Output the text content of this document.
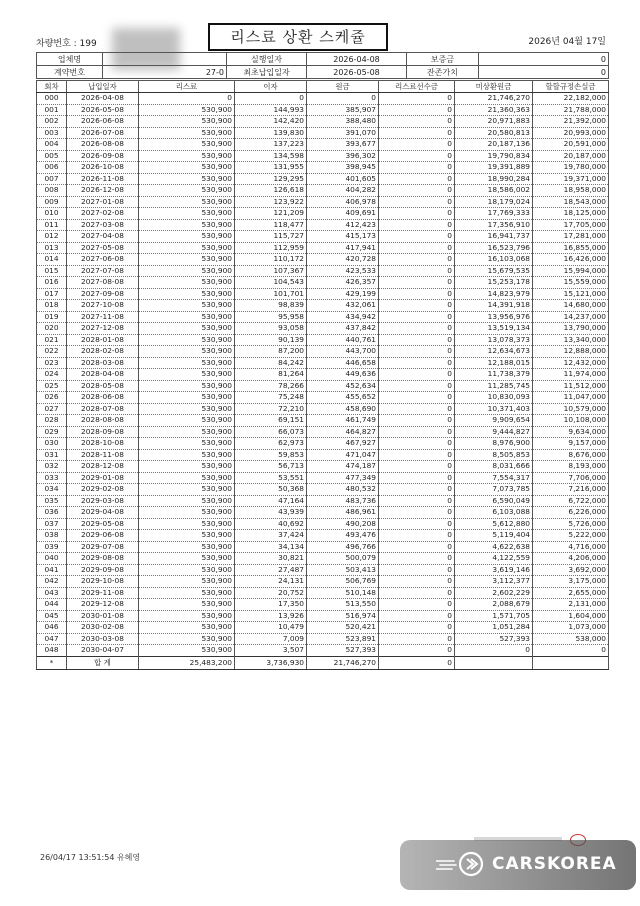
차량번호 : 199	리스료 상환 스케쥴	2026년 04월 17일
업체명		실행일자	2026-04-08	보증금	0
계약번호	27-0	최초납입일자	2026-05-08	잔존가치	0
회차	납입일자	리스료	이자	원금	리스료선수금	미상환원금	할할규정손실금
000	2026-04-08	0	0	0	0	21,746,270	22,182,000
001	2026-05-08	530,900	144,993	385,907	0	21,360,363	21,788,000
002	2026-06-08	530,900	142,420	388,480	0	20,971,883	21,392,000
003	2026-07-08	530,900	139,830	391,070	0	20,580,813	20,993,000
004	2026-08-08	530,900	137,223	393,677	0	20,187,136	20,591,000
005	2026-09-08	530,900	134,598	396,302	0	19,790,834	20,187,000
006	2026-10-08	530,900	131,955	398,945	0	19,391,889	19,780,000
007	2026-11-08	530,900	129,295	401,605	0	18,990,284	19,371,000
008	2026-12-08	530,900	126,618	404,282	0	18,586,002	18,958,000
009	2027-01-08	530,900	123,922	406,978	0	18,179,024	18,543,000
010	2027-02-08	530,900	121,209	409,691	0	17,769,333	18,125,000
011	2027-03-08	530,900	118,477	412,423	0	17,356,910	17,705,000
012	2027-04-08	530,900	115,727	415,173	0	16,941,737	17,281,000
013	2027-05-08	530,900	112,959	417,941	0	16,523,796	16,855,000
014	2027-06-08	530,900	110,172	420,728	0	16,103,068	16,426,000
015	2027-07-08	530,900	107,367	423,533	0	15,679,535	15,994,000
016	2027-08-08	530,900	104,543	426,357	0	15,253,178	15,559,000
017	2027-09-08	530,900	101,701	429,199	0	14,823,979	15,121,000
018	2027-10-08	530,900	98,839	432,061	0	14,391,918	14,680,000
019	2027-11-08	530,900	95,958	434,942	0	13,956,976	14,237,000
020	2027-12-08	530,900	93,058	437,842	0	13,519,134	13,790,000
021	2028-01-08	530,900	90,139	440,761	0	13,078,373	13,340,000
022	2028-02-08	530,900	87,200	443,700	0	12,634,673	12,888,000
023	2028-03-08	530,900	84,242	446,658	0	12,188,015	12,432,000
024	2028-04-08	530,900	81,264	449,636	0	11,738,379	11,974,000
025	2028-05-08	530,900	78,266	452,634	0	11,285,745	11,512,000
026	2028-06-08	530,900	75,248	455,652	0	10,830,093	11,047,000
027	2028-07-08	530,900	72,210	458,690	0	10,371,403	10,579,000
028	2028-08-08	530,900	69,151	461,749	0	9,909,654	10,108,000
029	2028-09-08	530,900	66,073	464,827	0	9,444,827	9,634,000
030	2028-10-08	530,900	62,973	467,927	0	8,976,900	9,157,000
031	2028-11-08	530,900	59,853	471,047	0	8,505,853	8,676,000
032	2028-12-08	530,900	56,713	474,187	0	8,031,666	8,193,000
033	2029-01-08	530,900	53,551	477,349	0	7,554,317	7,706,000
034	2029-02-08	530,900	50,368	480,532	0	7,073,785	7,216,000
035	2029-03-08	530,900	47,164	483,736	0	6,590,049	6,722,000
036	2029-04-08	530,900	43,939	486,961	0	6,103,088	6,226,000
037	2029-05-08	530,900	40,692	490,208	0	5,612,880	5,726,000
038	2029-06-08	530,900	37,424	493,476	0	5,119,404	5,222,000
039	2029-07-08	530,900	34,134	496,766	0	4,622,638	4,716,000
040	2029-08-08	530,900	30,821	500,079	0	4,122,559	4,206,000
041	2029-09-08	530,900	27,487	503,413	0	3,619,146	3,692,000
042	2029-10-08	530,900	24,131	506,769	0	3,112,377	3,175,000
043	2029-11-08	530,900	20,752	510,148	0	2,602,229	2,655,000
044	2029-12-08	530,900	17,350	513,550	0	2,088,679	2,131,000
045	2030-01-08	530,900	13,926	516,974	0	1,571,705	1,604,000
046	2030-02-08	530,900	10,479	520,421	0	1,051,284	1,073,000
047	2030-03-08	530,900	7,009	523,891	0	527,393	538,000
048	2030-04-07	530,900	3,507	527,393	0	0	0
*	합 계	25,483,200	3,736,930	21,746,270	0		
26/04/17 13:51:54 유혜영	CARSKOREA
